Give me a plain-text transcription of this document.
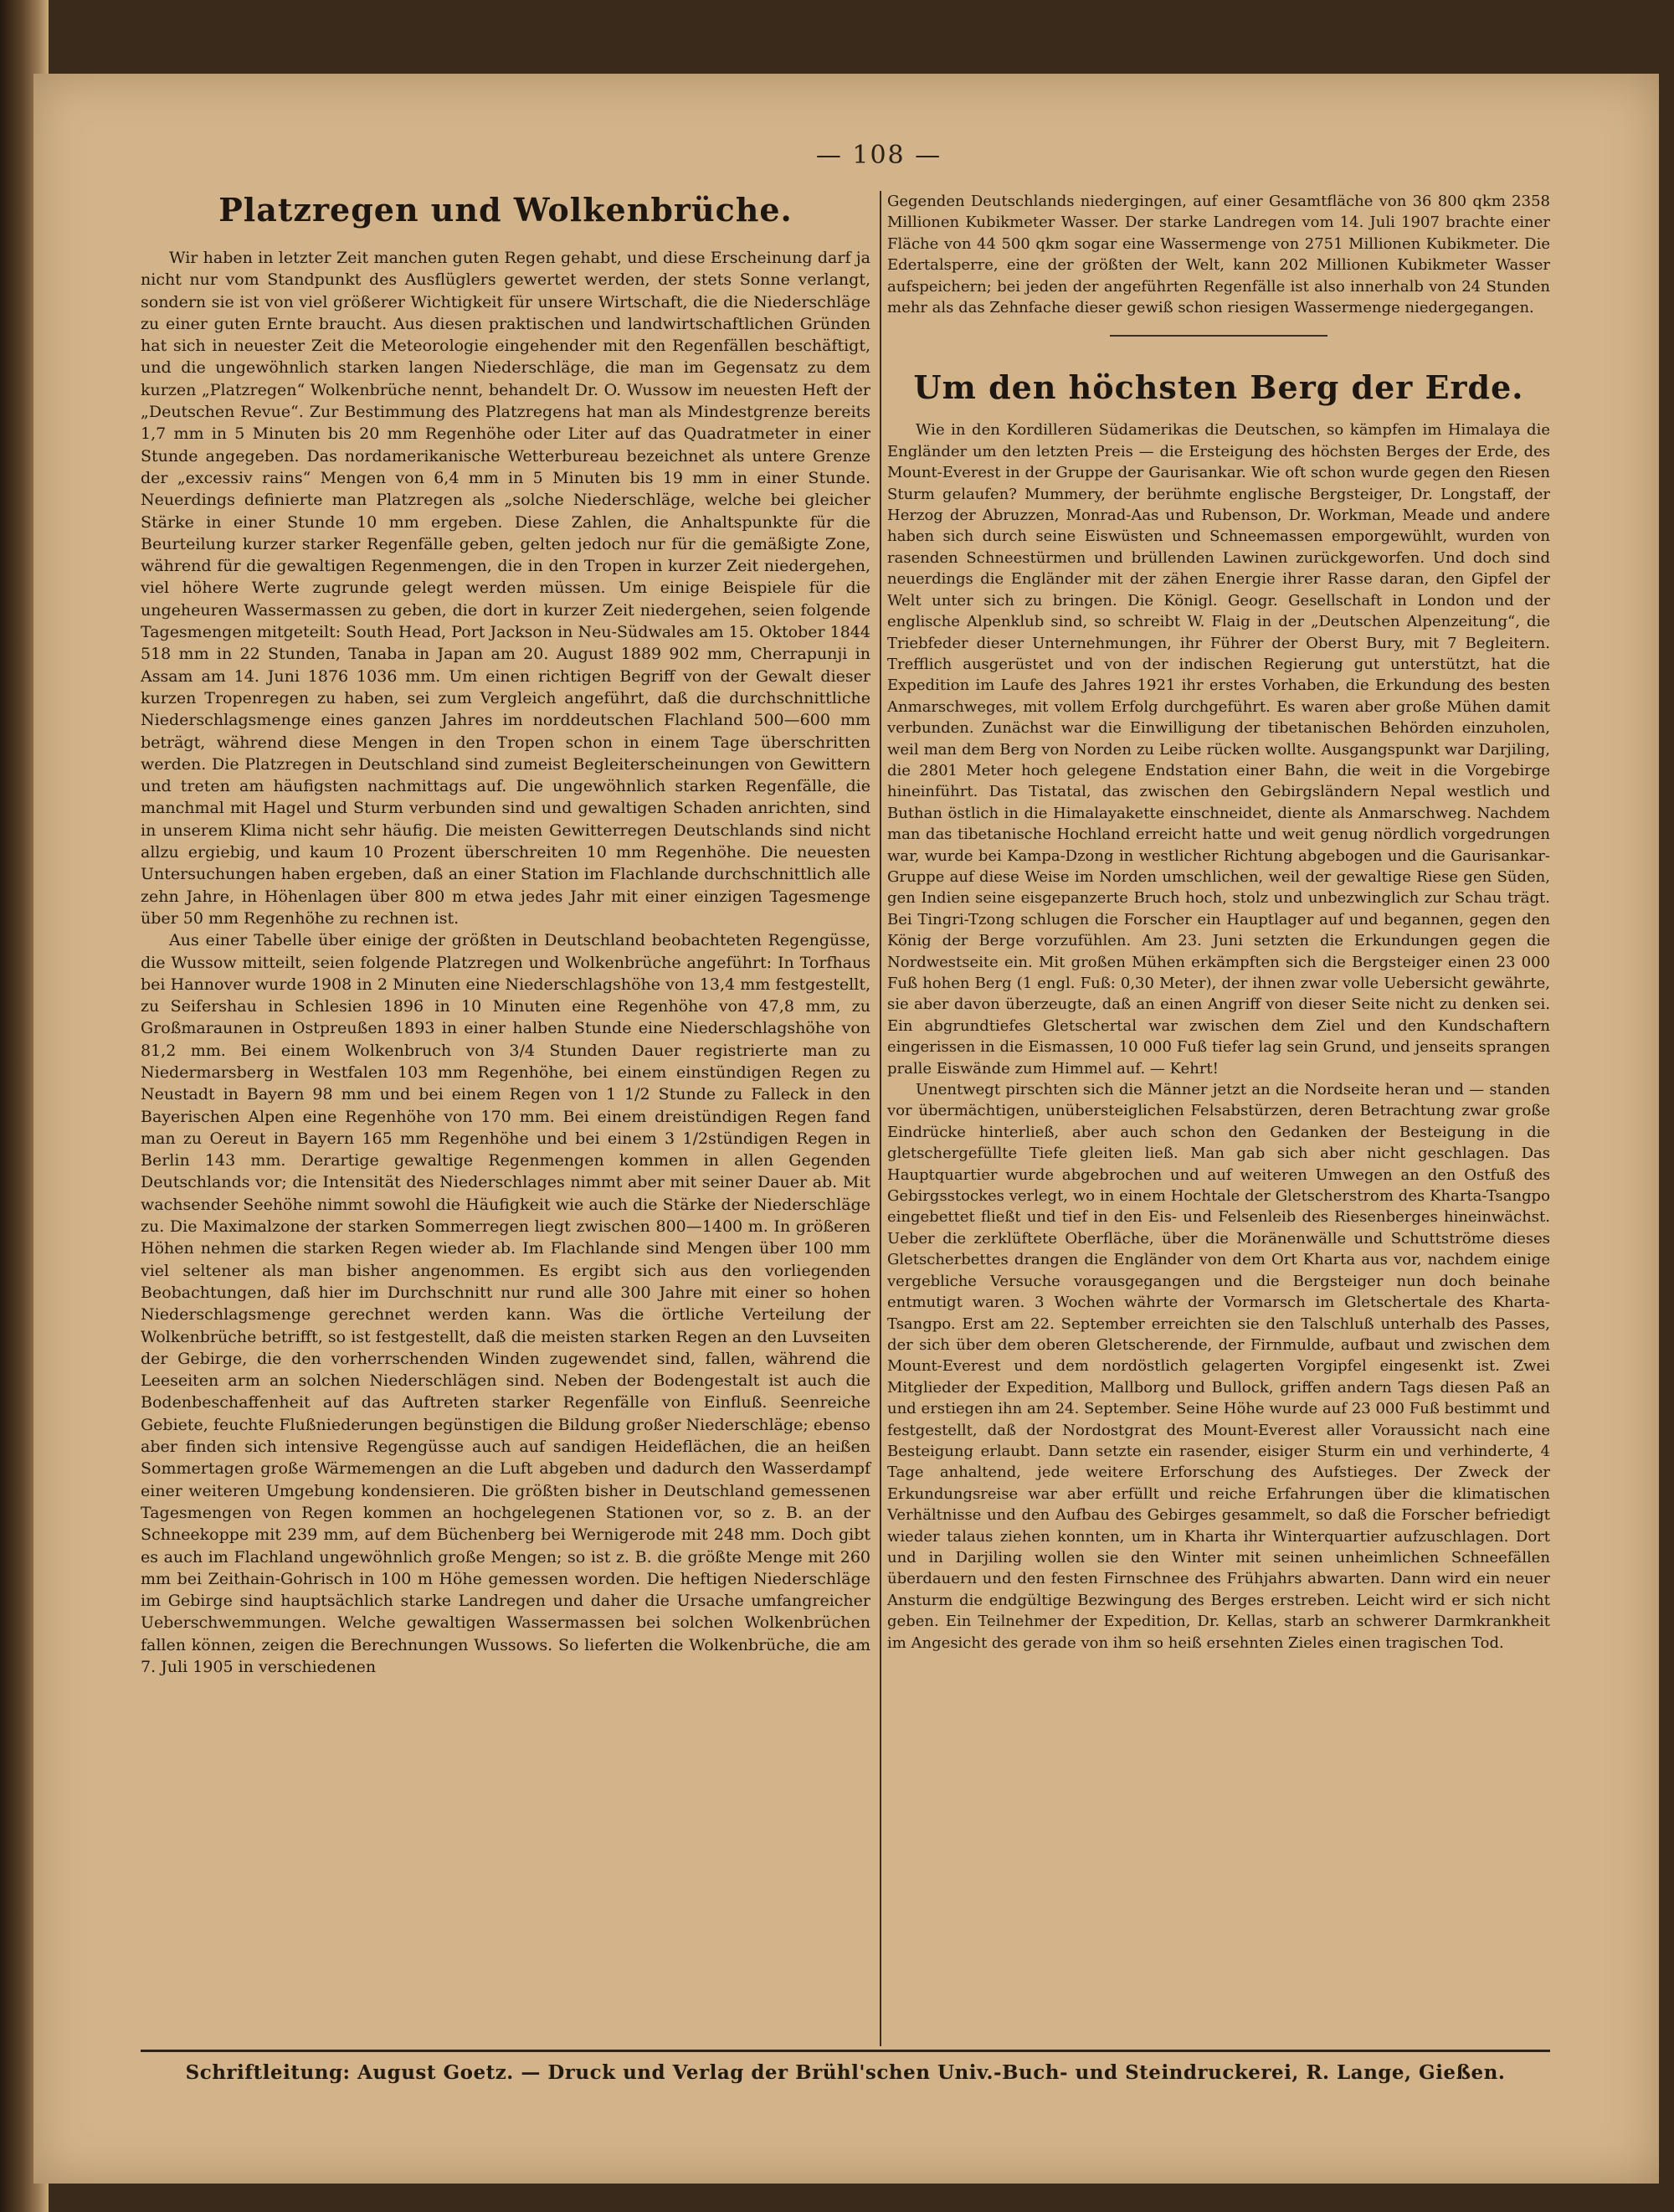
— 108 —
Platzregen und Wolkenbrüche.

Wir haben in letzter Zeit manchen guten Regen gehabt, und diese Erscheinung darf ja nicht nur vom Standpunkt des Ausflüglers gewertet werden, der stets Sonne verlangt, sondern sie ist von viel größerer Wichtigkeit für unsere Wirtschaft, die die Niederschläge zu einer guten Ernte braucht. Aus diesen praktischen und landwirtschaftlichen Gründen hat sich in neuester Zeit die Meteorologie eingehender mit den Regenfällen beschäftigt, und die ungewöhnlich starken langen Niederschläge, die man im Gegensatz zu dem kurzen „Platzregen“ Wolkenbrüche nennt, behandelt Dr. O. Wussow im neuesten Heft der „Deutschen Revue“. Zur Bestimmung des Platzregens hat man als Mindestgrenze bereits 1,7 mm in 5 Minuten bis 20 mm Regenhöhe oder Liter auf das Quadratmeter in einer Stunde angegeben. Das nordamerikanische Wetterbureau bezeichnet als untere Grenze der „excessiv rains“ Mengen von 6,4 mm in 5 Minuten bis 19 mm in einer Stunde. Neuerdings definierte man Platzregen als „solche Niederschläge, welche bei gleicher Stärke in einer Stunde 10 mm ergeben. Diese Zahlen, die Anhaltspunkte für die Beurteilung kurzer starker Regenfälle geben, gelten jedoch nur für die gemäßigte Zone, während für die gewaltigen Regenmengen, die in den Tropen in kurzer Zeit niedergehen, viel höhere Werte zugrunde gelegt werden müssen. Um einige Beispiele für die ungeheuren Wassermassen zu geben, die dort in kurzer Zeit niedergehen, seien folgende Tagesmengen mitgeteilt: South Head, Port Jackson in Neu-Südwales am 15. Oktober 1844 518 mm in 22 Stunden, Tanaba in Japan am 20. August 1889 902 mm, Cherrapunji in Assam am 14. Juni 1876 1036 mm. Um einen richtigen Begriff von der Gewalt dieser kurzen Tropenregen zu haben, sei zum Vergleich angeführt, daß die durchschnittliche Niederschlagsmenge eines ganzen Jahres im norddeutschen Flachland 500—600 mm beträgt, während diese Mengen in den Tropen schon in einem Tage überschritten werden. Die Platzregen in Deutschland sind zumeist Begleiterscheinungen von Gewittern und treten am häufigsten nachmittags auf. Die ungewöhnlich starken Regenfälle, die manchmal mit Hagel und Sturm verbunden sind und gewaltigen Schaden anrichten, sind in unserem Klima nicht sehr häufig. Die meisten Gewitterregen Deutschlands sind nicht allzu ergiebig, und kaum 10 Prozent überschreiten 10 mm Regenhöhe. Die neuesten Untersuchungen haben ergeben, daß an einer Station im Flachlande durchschnittlich alle zehn Jahre, in Höhenlagen über 800 m etwa jedes Jahr mit einer einzigen Tagesmenge über 50 mm Regenhöhe zu rechnen ist.

Aus einer Tabelle über einige der größten in Deutschland beobachteten Regengüsse, die Wussow mitteilt, seien folgende Platzregen und Wolkenbrüche angeführt: In Torfhaus bei Hannover wurde 1908 in 2 Minuten eine Niederschlagshöhe von 13,4 mm festgestellt, zu Seifershau in Schlesien 1896 in 10 Minuten eine Regenhöhe von 47,8 mm, zu Großmaraunen in Ostpreußen 1893 in einer halben Stunde eine Niederschlagshöhe von 81,2 mm. Bei einem Wolkenbruch von 3/4 Stunden Dauer registrierte man zu Niedermarsberg in Westfalen 103 mm Regenhöhe, bei einem einstündigen Regen zu Neustadt in Bayern 98 mm und bei einem Regen von 1 1/2 Stunde zu Falleck in den Bayerischen Alpen eine Regenhöhe von 170 mm. Bei einem dreistündigen Regen fand man zu Oereut in Bayern 165 mm Regenhöhe und bei einem 3 1/2stündigen Regen in Berlin 143 mm. Derartige gewaltige Regenmengen kommen in allen Gegenden Deutschlands vor; die Intensität des Niederschlages nimmt aber mit seiner Dauer ab. Mit wachsender Seehöhe nimmt sowohl die Häufigkeit wie auch die Stärke der Niederschläge zu. Die Maximalzone der starken Sommerregen liegt zwischen 800—1400 m. In größeren Höhen nehmen die starken Regen wieder ab. Im Flachlande sind Mengen über 100 mm viel seltener als man bisher angenommen. Es ergibt sich aus den vorliegenden Beobachtungen, daß hier im Durchschnitt nur rund alle 300 Jahre mit einer so hohen Niederschlagsmenge gerechnet werden kann. Was die örtliche Verteilung der Wolkenbrüche betrifft, so ist festgestellt, daß die meisten starken Regen an den Luvseiten der Gebirge, die den vorherrschenden Winden zugewendet sind, fallen, während die Leeseiten arm an solchen Niederschlägen sind. Neben der Bodengestalt ist auch die Bodenbeschaffenheit auf das Auftreten starker Regenfälle von Einfluß. Seenreiche Gebiete, feuchte Flußniederungen begünstigen die Bildung großer Niederschläge; ebenso aber finden sich intensive Regengüsse auch auf sandigen Heideflächen, die an heißen Sommertagen große Wärmemengen an die Luft abgeben und dadurch den Wasserdampf einer weiteren Umgebung kondensieren. Die größten bisher in Deutschland gemessenen Tagesmengen von Regen kommen an hochgelegenen Stationen vor, so z. B. an der Schneekoppe mit 239 mm, auf dem Büchenberg bei Wernigerode mit 248 mm. Doch gibt es auch im Flachland ungewöhnlich große Mengen; so ist z. B. die größte Menge mit 260 mm bei Zeithain-Gohrisch in 100 m Höhe gemessen worden. Die heftigen Niederschläge im Gebirge sind hauptsächlich starke Landregen und daher die Ursache umfangreicher Ueberschwemmungen. Welche gewaltigen Wassermassen bei solchen Wolkenbrüchen fallen können, zeigen die Berechnungen Wussows. So lieferten die Wolkenbrüche, die am 7. Juli 1905 in verschiedenen

Gegenden Deutschlands niedergingen, auf einer Gesamtfläche von 36 800 qkm 2358 Millionen Kubikmeter Wasser. Der starke Landregen vom 14. Juli 1907 brachte einer Fläche von 44 500 qkm sogar eine Wassermenge von 2751 Millionen Kubikmeter. Die Edertalsperre, eine der größten der Welt, kann 202 Millionen Kubikmeter Wasser aufspeichern; bei jeden der angeführten Regenfälle ist also innerhalb von 24 Stunden mehr als das Zehnfache dieser gewiß schon riesigen Wassermenge niedergegangen.

Um den höchsten Berg der Erde.

Wie in den Kordilleren Südamerikas die Deutschen, so kämpfen im Himalaya die Engländer um den letzten Preis — die Ersteigung des höchsten Berges der Erde, des Mount-Everest in der Gruppe der Gaurisankar. Wie oft schon wurde gegen den Riesen Sturm gelaufen? Mummery, der berühmte englische Bergsteiger, Dr. Longstaff, der Herzog der Abruzzen, Monrad-Aas und Rubenson, Dr. Workman, Meade und andere haben sich durch seine Eiswüsten und Schneemassen emporgewühlt, wurden von rasenden Schneestürmen und brüllenden Lawinen zurückgeworfen. Und doch sind neuerdings die Engländer mit der zähen Energie ihrer Rasse daran, den Gipfel der Welt unter sich zu bringen. Die Königl. Geogr. Gesellschaft in London und der englische Alpenklub sind, so schreibt W. Flaig in der „Deutschen Alpenzeitung“, die Triebfeder dieser Unternehmungen, ihr Führer der Oberst Bury, mit 7 Begleitern. Trefflich ausgerüstet und von der indischen Regierung gut unterstützt, hat die Expedition im Laufe des Jahres 1921 ihr erstes Vorhaben, die Erkundung des besten Anmarschweges, mit vollem Erfolg durchgeführt. Es waren aber große Mühen damit verbunden. Zunächst war die Einwilligung der tibetanischen Behörden einzuholen, weil man dem Berg von Norden zu Leibe rücken wollte. Ausgangspunkt war Darjiling, die 2801 Meter hoch gelegene Endstation einer Bahn, die weit in die Vorgebirge hineinführt. Das Tistatal, das zwischen den Gebirgsländern Nepal westlich und Buthan östlich in die Himalayakette einschneidet, diente als Anmarschweg. Nachdem man das tibetanische Hochland erreicht hatte und weit genug nördlich vorgedrungen war, wurde bei Kampa-Dzong in westlicher Richtung abgebogen und die Gaurisankar-Gruppe auf diese Weise im Norden umschlichen, weil der gewaltige Riese gen Süden, gen Indien seine eisgepanzerte Bruch hoch, stolz und unbezwinglich zur Schau trägt. Bei Tingri-Tzong schlugen die Forscher ein Hauptlager auf und begannen, gegen den König der Berge vorzufühlen. Am 23. Juni setzten die Erkundungen gegen die Nordwestseite ein. Mit großen Mühen erkämpften sich die Bergsteiger einen 23 000 Fuß hohen Berg (1 engl. Fuß: 0,30 Meter), der ihnen zwar volle Uebersicht gewährte, sie aber davon überzeugte, daß an einen Angriff von dieser Seite nicht zu denken sei. Ein abgrundtiefes Gletschertal war zwischen dem Ziel und den Kundschaftern eingerissen in die Eismassen, 10 000 Fuß tiefer lag sein Grund, und jenseits sprangen pralle Eiswände zum Himmel auf. — Kehrt!

Unentwegt pirschten sich die Männer jetzt an die Nordseite heran und — standen vor übermächtigen, unübersteiglichen Felsabstürzen, deren Betrachtung zwar große Eindrücke hinterließ, aber auch schon den Gedanken der Besteigung in die gletschergefüllte Tiefe gleiten ließ. Man gab sich aber nicht geschlagen. Das Hauptquartier wurde abgebrochen und auf weiteren Umwegen an den Ostfuß des Gebirgsstockes verlegt, wo in einem Hochtale der Gletscherstrom des Kharta-Tsangpo eingebettet fließt und tief in den Eis- und Felsenleib des Riesenberges hineinwächst. Ueber die zerklüftete Oberfläche, über die Moränenwälle und Schuttströme dieses Gletscherbettes drangen die Engländer von dem Ort Kharta aus vor, nachdem einige vergebliche Versuche vorausgegangen und die Bergsteiger nun doch beinahe entmutigt waren. 3 Wochen währte der Vormarsch im Gletschertale des Kharta-Tsangpo. Erst am 22. September erreichten sie den Talschluß unterhalb des Passes, der sich über dem oberen Gletscherende, der Firnmulde, aufbaut und zwischen dem Mount-Everest und dem nordöstlich gelagerten Vorgipfel eingesenkt ist. Zwei Mitglieder der Expedition, Mallborg und Bullock, griffen andern Tags diesen Paß an und erstiegen ihn am 24. September. Seine Höhe wurde auf 23 000 Fuß bestimmt und festgestellt, daß der Nordostgrat des Mount-Everest aller Voraussicht nach eine Besteigung erlaubt. Dann setzte ein rasender, eisiger Sturm ein und verhinderte, 4 Tage anhaltend, jede weitere Erforschung des Aufstieges. Der Zweck der Erkundungsreise war aber erfüllt und reiche Erfahrungen über die klimatischen Verhältnisse und den Aufbau des Gebirges gesammelt, so daß die Forscher befriedigt wieder talaus ziehen konnten, um in Kharta ihr Winterquartier aufzuschlagen. Dort und in Darjiling wollen sie den Winter mit seinen unheimlichen Schneefällen überdauern und den festen Firnschnee des Frühjahrs abwarten. Dann wird ein neuer Ansturm die endgültige Bezwingung des Berges erstreben. Leicht wird er sich nicht geben. Ein Teilnehmer der Expedition, Dr. Kellas, starb an schwerer Darmkrankheit im Angesicht des gerade von ihm so heiß ersehnten Zieles einen tragischen Tod.

Schriftleitung: August Goetz. — Druck und Verlag der Brühl'schen Univ.-Buch- und Steindruckerei, R. Lange, Gießen.
